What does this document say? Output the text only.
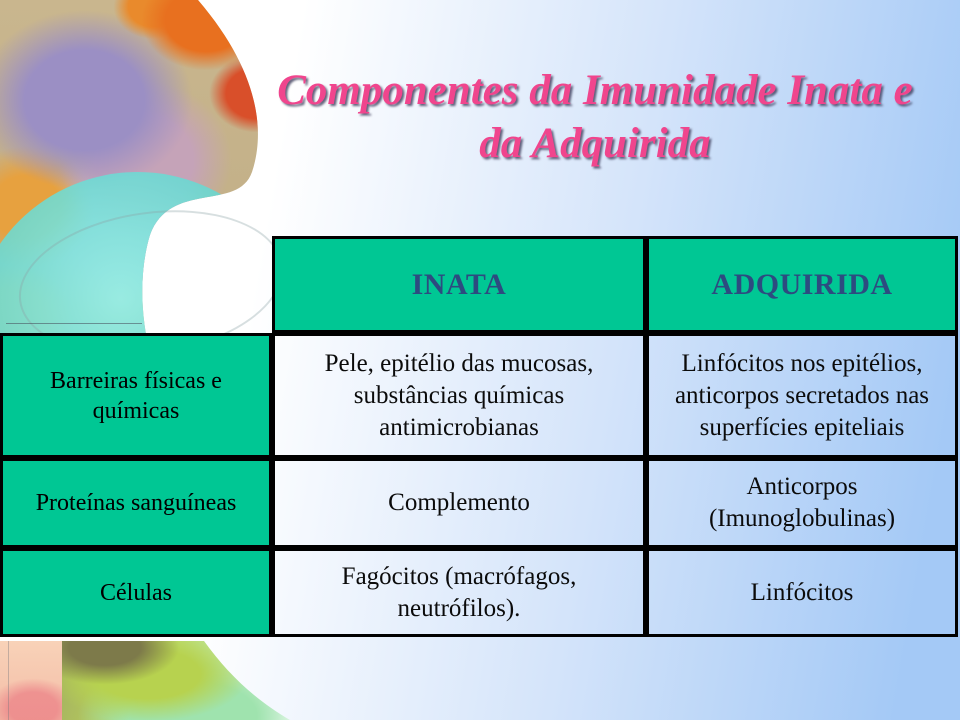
Componentes da Imunidade Inata e
da Adquirida
INATA	ADQUIRIDA
Barreiras físicas e químicas
Pele, epitélio das mucosas, substâncias químicas antimicrobianas
Linfócitos nos epitélios, anticorpos secretados nas superfícies epiteliais
Proteínas sanguíneas	Complemento
Anticorpos (Imunoglobulinas)
Células
Fagócitos (macrófagos, neutrófilos).
Linfócitos
